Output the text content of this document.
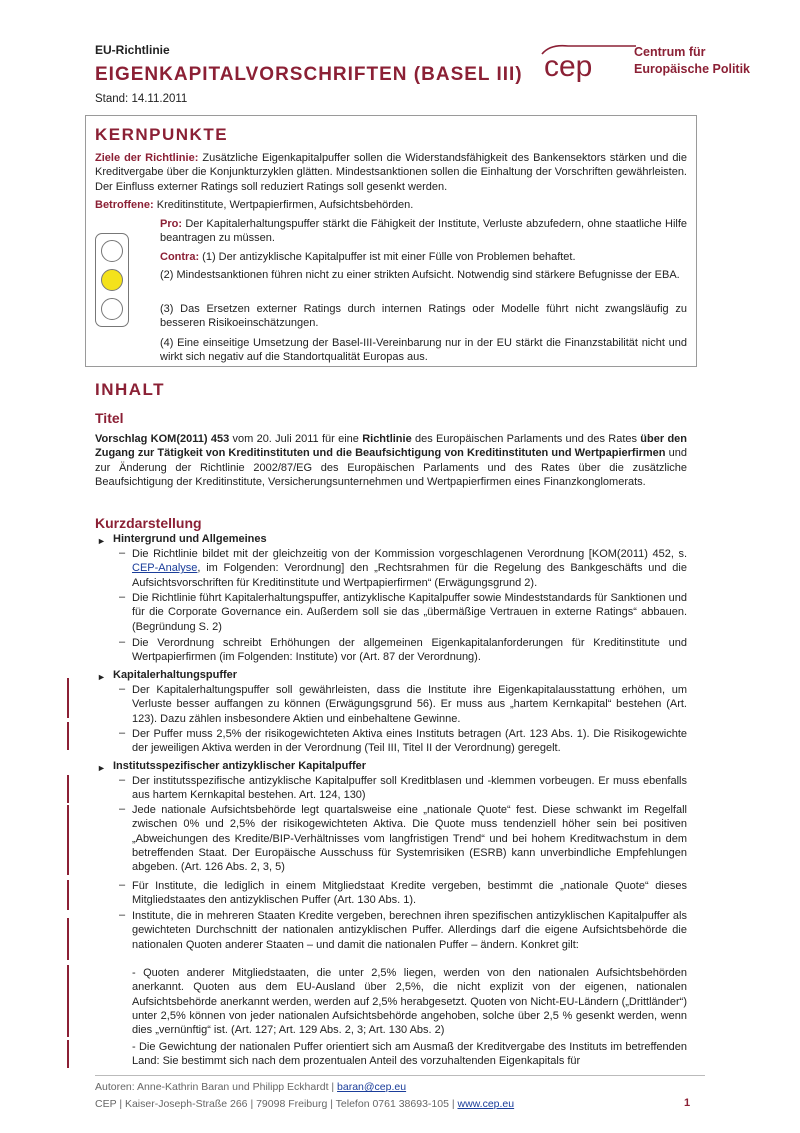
EU-Richtlinie
EIGENKAPITALVORSCHRIFTEN (BASEL III)
Stand: 14.11.2011
cep	Centrum für
Europäische Politik
KERNPUNKTE
Ziele der Richtlinie: Zusätzliche Eigenkapitalpuffer sollen die Widerstandsfähigkeit des Bankensektors stärken und die Kreditvergabe über die Konjunkturzyklen glätten. Mindestsanktionen sollen die Einhaltung der Vorschriften gewährleisten. Der Einfluss externer Ratings soll reduziert Ratings soll gesenkt werden.
Betroffene: Kreditinstitute, Wertpapierfirmen, Aufsichtsbehörden.
Pro: Der Kapitalerhaltungspuffer stärkt die Fähigkeit der Institute, Verluste abzufedern, ohne staatliche Hilfe beantragen zu müssen.
Contra: (1) Der antizyklische Kapitalpuffer ist mit einer Fülle von Problemen behaftet.
(2) Mindestsanktionen führen nicht zu einer strikten Aufsicht. Notwendig sind stärkere Befugnisse der EBA.
(3) Das Ersetzen externer Ratings durch internen Ratings oder Modelle führt nicht zwangsläufig zu besseren Risikoeinschätzungen.
(4) Eine einseitige Umsetzung der Basel-III-Vereinbarung nur in der EU stärkt die Finanzstabilität nicht und wirkt sich negativ auf die Standortqualität Europas aus.
INHALT
Titel
Vorschlag KOM(2011) 453 vom 20. Juli 2011 für eine Richtlinie des Europäischen Parlaments und des Rates über den Zugang zur Tätigkeit von Kreditinstituten und die Beaufsichtigung von Kreditinstituten und Wertpapierfirmen und zur Änderung der Richtlinie 2002/87/EG des Europäischen Parlaments und des Rates über die zusätzliche Beaufsichtigung der Kreditinstitute, Versicherungsunternehmen und Wertpapierfirmen eines Finanzkonglomerats.
Kurzdarstellung
► Hintergrund und Allgemeines
– Die Richtlinie bildet mit der gleichzeitig von der Kommission vorgeschlagenen Verordnung [KOM(2011) 452, s. CEP-Analyse, im Folgenden: Verordnung] den „Rechtsrahmen für die Regelung des Bankgeschäfts und die Aufsichtsvorschriften für Kreditinstitute und Wertpapierfirmen“ (Erwägungsgrund 2).
– Die Richtlinie führt Kapitalerhaltungspuffer, antizyklische Kapitalpuffer sowie Mindeststandards für Sanktionen und für die Corporate Governance ein. Außerdem soll sie das „übermäßige Vertrauen in externe Ratings“ abbauen. (Begründung S. 2)
– Die Verordnung schreibt Erhöhungen der allgemeinen Eigenkapitalanforderungen für Kreditinstitute und Wertpapierfirmen (im Folgenden: Institute) vor (Art. 87 der Verordnung).
► Kapitalerhaltungspuffer
– Der Kapitalerhaltungspuffer soll gewährleisten, dass die Institute ihre Eigenkapitalausstattung erhöhen, um Verluste besser auffangen zu können (Erwägungsgrund 56). Er muss aus „hartem Kernkapital“ bestehen (Art. 123). Dazu zählen insbesondere Aktien und einbehaltene Gewinne.
– Der Puffer muss 2,5% der risikogewichteten Aktiva eines Instituts betragen (Art. 123 Abs. 1). Die Risikogewichte der jeweiligen Aktiva werden in der Verordnung (Teil III, Titel II der Verordnung) geregelt.
► Institutsspezifischer antizyklischer Kapitalpuffer
– Der institutsspezifische antizyklische Kapitalpuffer soll Kreditblasen und -klemmen vorbeugen. Er muss ebenfalls aus hartem Kernkapital bestehen. Art. 124, 130)
– Jede nationale Aufsichtsbehörde legt quartalsweise eine „nationale Quote“ fest. Diese schwankt im Regelfall zwischen 0% und 2,5% der risikogewichteten Aktiva. Die Quote muss tendenziell höher sein bei positiven „Abweichungen des Kredite/BIP-Verhältnisses vom langfristigen Trend“ und bei hohem Kreditwachstum in dem betreffenden Staat. Der Europäische Ausschuss für Systemrisiken (ESRB) kann unverbindliche Empfehlungen abgeben. (Art. 126 Abs. 2, 3, 5)
– Für Institute, die lediglich in einem Mitgliedstaat Kredite vergeben, bestimmt die „nationale Quote“ dieses Mitgliedstaates den antizyklischen Puffer (Art. 130 Abs. 1).
– Institute, die in mehreren Staaten Kredite vergeben, berechnen ihren spezifischen antizyklischen Kapitalpuffer als gewichteten Durchschnitt der nationalen antizyklischen Puffer. Allerdings darf die eigene Aufsichtsbehörde die nationalen Quoten anderer Staaten – und damit die nationalen Puffer – ändern. Konkret gilt:
- Quoten anderer Mitgliedstaaten, die unter 2,5% liegen, werden von den nationalen Aufsichtsbehörden anerkannt. Quoten aus dem EU-Ausland über 2,5%, die nicht explizit von der eigenen, nationalen Aufsichtsbehörde anerkannt werden, werden auf 2,5% herabgesetzt. Quoten von Nicht-EU-Ländern („Drittländer“) unter 2,5% können von jeder nationalen Aufsichtsbehörde angehoben, solche über 2,5 % gesenkt werden, wenn dies „vernünftig“ ist. (Art. 127; Art. 129 Abs. 2, 3; Art. 130 Abs. 2)
- Die Gewichtung der nationalen Puffer orientiert sich am Ausmaß der Kreditvergabe des Instituts im betreffenden Land: Sie bestimmt sich nach dem prozentualen Anteil des vorzuhaltenden Eigenkapitals für
Autoren: Anne-Kathrin Baran und Philipp Eckhardt | baran@cep.eu
CEP | Kaiser-Joseph-Straße 266 | 79098 Freiburg | Telefon 0761 38693-105 | www.cep.eu	1
